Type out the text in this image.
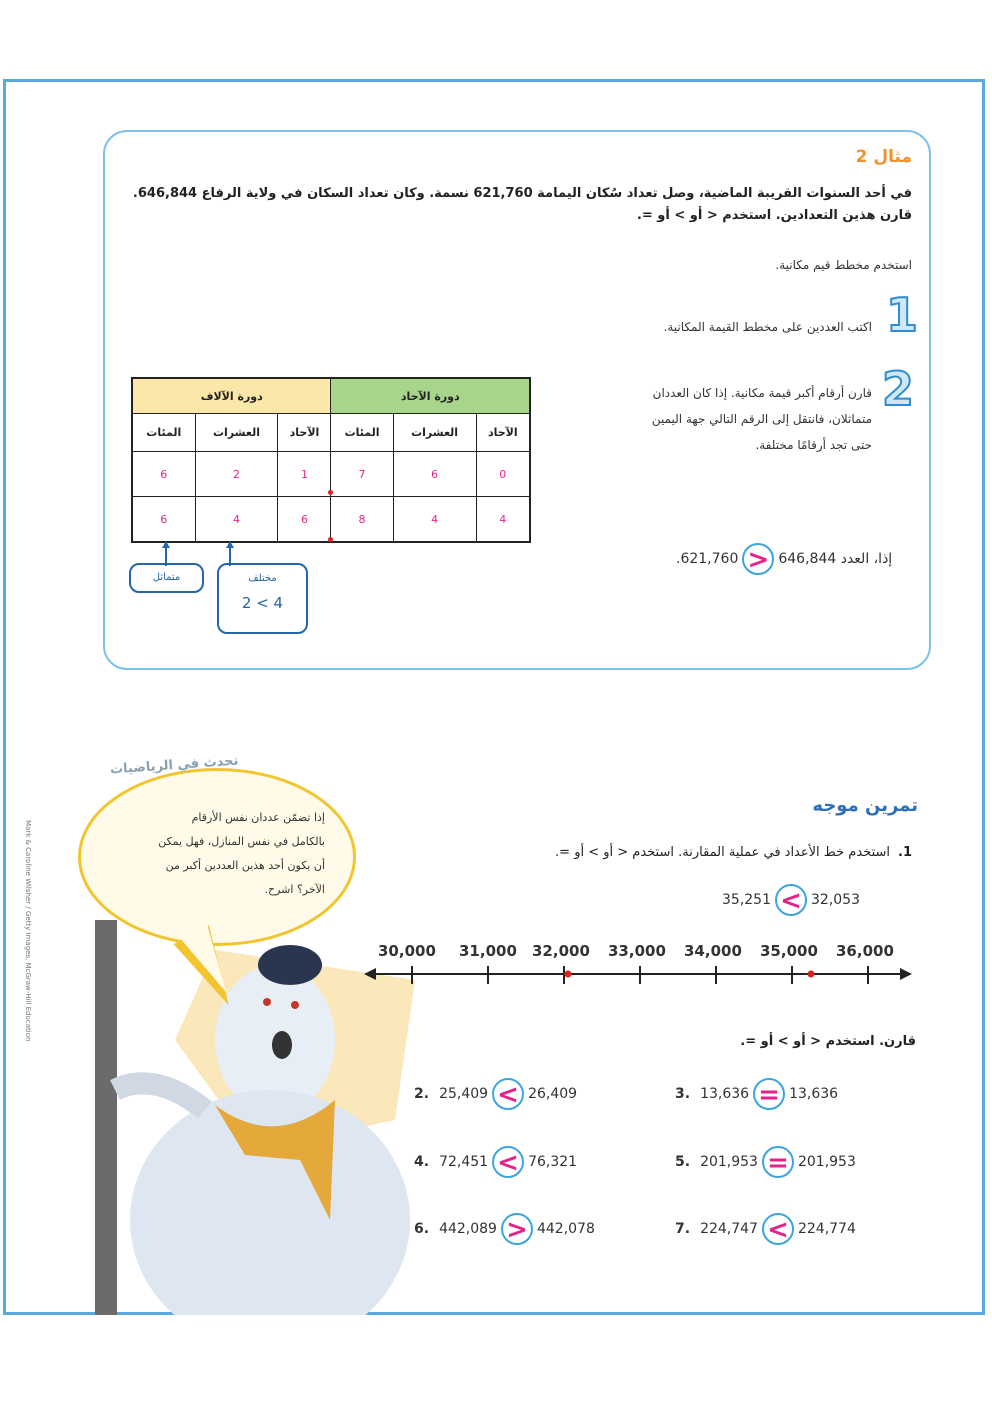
مثال 2
في أحد السنوات القريبة الماضية، وصل تعداد سُكان اليمامة 621,760 نسمة. وكان تعداد السكان في ولاية الرفاع 646,844.
قارن هذين التعدادين. استخدم < أو > أو =.
استخدم مخطط قيم مكانية.
1
اكتب العددين على مخطط القيمة المكانية.
2
قارن أرقام أكبر قيمة مكانية. إذا كان العددان
متماثلان، فانتقل إلى الرقم التالي جهة اليمين
حتى تجد أرقامًا مختلفة.
إذا، العدد 646,844
<
621,760.
دورة الآلاف			دورة الآحاد		
المئات	العشرات	الآحاد	المئات	العشرات	الآحاد
6	2	1	7	6	0
6	4	6	8	4	4
متماثل	مختلف
2 < 4
تحدث في الرياضيات
إذا تضمّن عددان نفس الأرقام
بالكامل في نفس المنازل، فهل يمكن
أن يكون أحد هذين العددين أكبر من
الآخر؟ اشرح.
Mark & Caroline Wilsher / Getty Images, McGraw-Hill Education
تمرين موجه
1.
استخدم خط الأعداد في عملية المقارنة. استخدم < أو > أو =.
35,251 < 32,053
30,000 31,000 32,000 33,000 34,000 35,000 36,000
قارن. استخدم < أو > أو =.
2. 25,409 < 26,409	3. 13,636 = 13,636
4. 72,451 < 76,321	5. 201,953 = 201,953
6. 442,089 > 442,078	7. 224,747 < 224,774
